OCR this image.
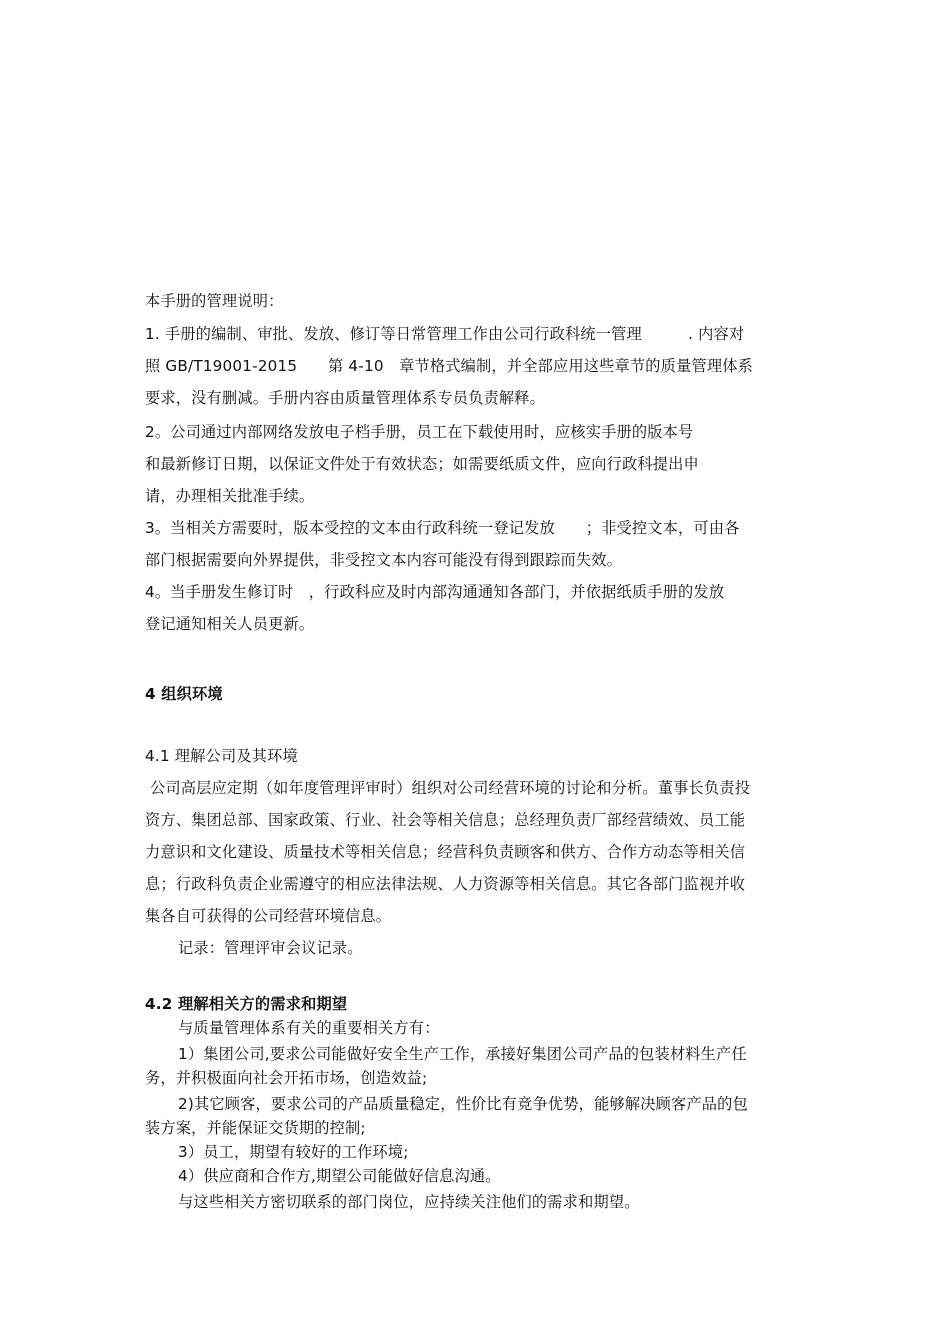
本手册的管理说明：
1. 手册的编制、审批、发放、修订等日常管理工作由公司行政科统一管理　　　. 内容对
照 GB/T19001-2015　　第 4-10　章节格式编制，并全部应用这些章节的质量管理体系
要求，没有删减。手册内容由质量管理体系专员负责解释。
2。公司通过内部网络发放电子档手册，员工在下载使用时，应核实手册的版本号
和最新修订日期，以保证文件处于有效状态；如需要纸质文件，应向行政科提出申
请，办理相关批准手续。
3。当相关方需要时，版本受控的文本由行政科统一登记发放　　；非受控文本，可由各
部门根据需要向外界提供，非受控文本内容可能没有得到跟踪而失效。
4。当手册发生修订时　，行政科应及时内部沟通通知各部门，并依据纸质手册的发放
登记通知相关人员更新。
4 组织环境
4.1 理解公司及其环境
公司高层应定期（如年度管理评审时）组织对公司经营环境的讨论和分析。董事长负责投
资方、集团总部、国家政策、行业、社会等相关信息；总经理负责厂部经营绩效、员工能
力意识和文化建设、质量技术等相关信息；经营科负责顾客和供方、合作方动态等相关信
息；行政科负责企业需遵守的相应法律法规、人力资源等相关信息。其它各部门监视并收
集各自可获得的公司经营环境信息。
记录：管理评审会议记录。
4.2 理解相关方的需求和期望
与质量管理体系有关的重要相关方有：
1）集团公司,要求公司能做好安全生产工作，承接好集团公司产品的包装材料生产任
务，并积极面向社会开拓市场，创造效益;
2)其它顾客，要求公司的产品质量稳定，性价比有竞争优势，能够解决顾客产品的包
装方案，并能保证交货期的控制;
3）员工，期望有较好的工作环境;
4）供应商和合作方,期望公司能做好信息沟通。
与这些相关方密切联系的部门岗位，应持续关注他们的需求和期望。
